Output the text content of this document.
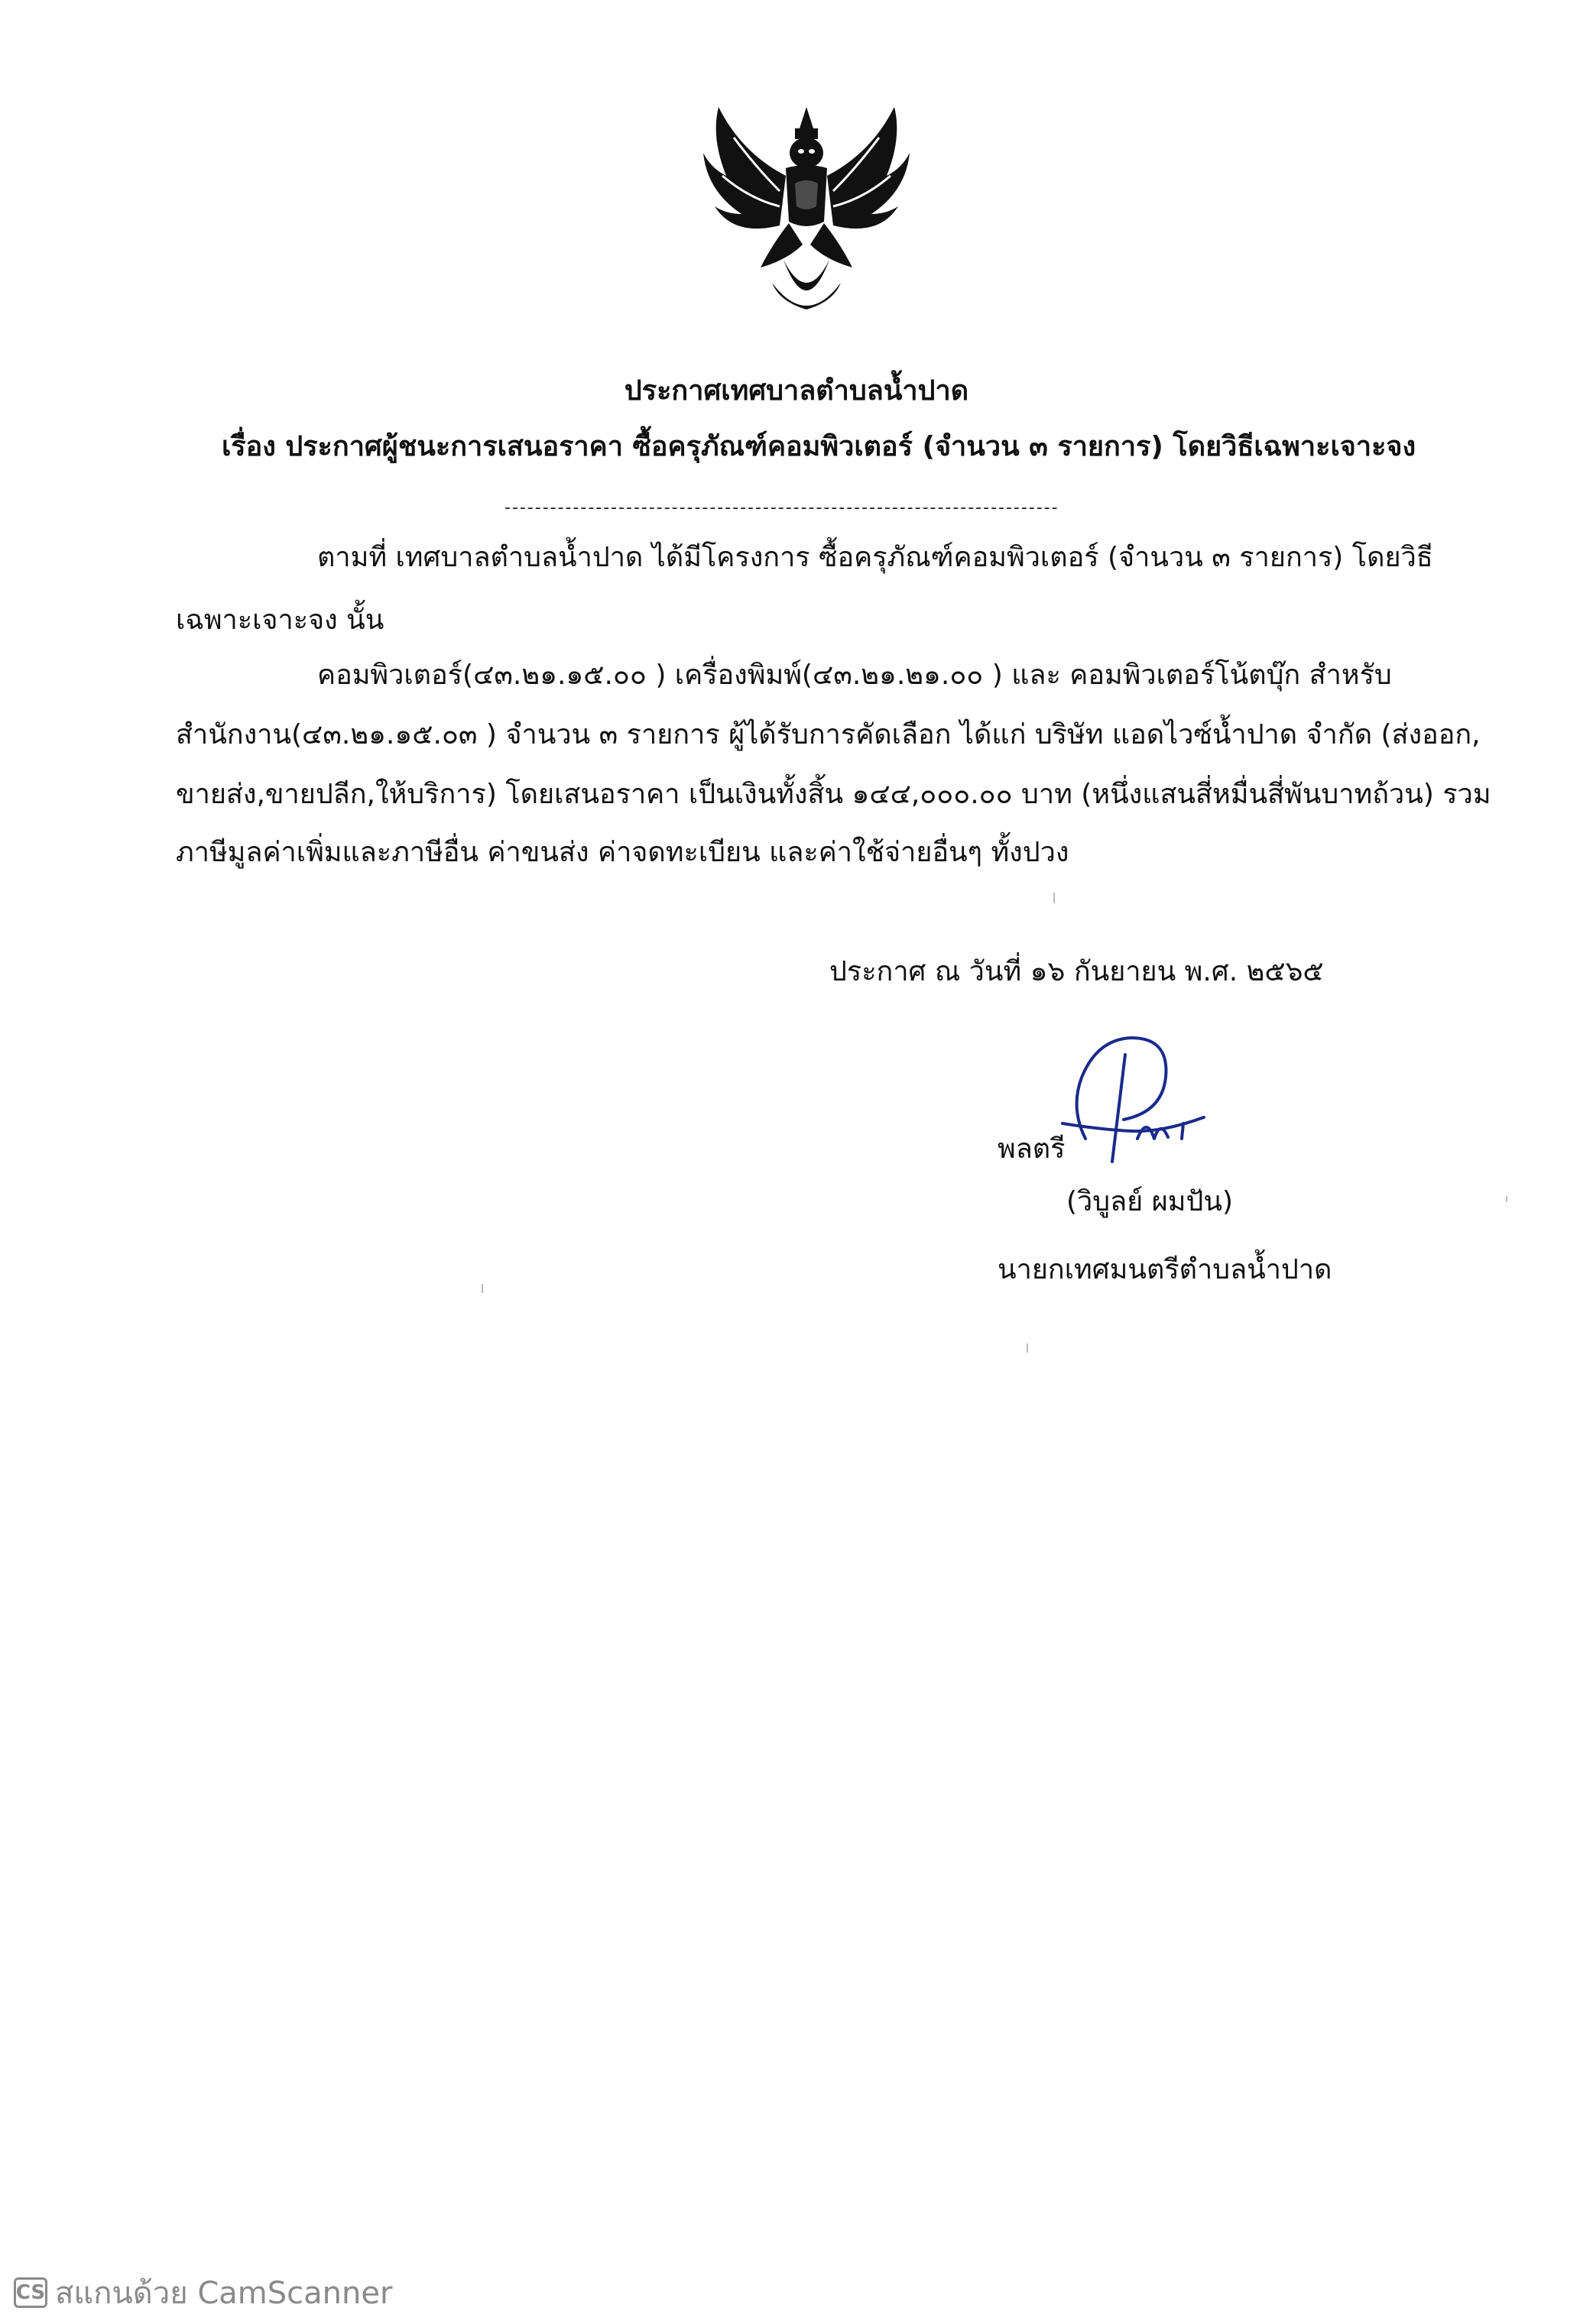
ประกาศเทศบาลตำบลน้ำปาด
เรื่อง ประกาศผู้ชนะการเสนอราคา ซื้อครุภัณฑ์คอมพิวเตอร์ (จำนวน ๓ รายการ) โดยวิธีเฉพาะเจาะจง
-------------------------------------------------------------------------
ตามที่ เทศบาลตำบลน้ำปาด ได้มีโครงการ ซื้อครุภัณฑ์คอมพิวเตอร์ (จำนวน ๓ รายการ) โดยวิธี
เฉพาะเจาะจง นั้น
คอมพิวเตอร์(๔๓.๒๑.๑๕.๐๐ ) เครื่องพิมพ์(๔๓.๒๑.๒๑.๐๐ ) และ คอมพิวเตอร์โน้ตบุ๊ก สำหรับ
สำนักงาน(๔๓.๒๑.๑๕.๐๓ ) จำนวน ๓ รายการ ผู้ได้รับการคัดเลือก ได้แก่ บริษัท แอดไวซ์น้ำปาด จำกัด (ส่งออก,
ขายส่ง,ขายปลีก,ให้บริการ) โดยเสนอราคา เป็นเงินทั้งสิ้น ๑๔๔,๐๐๐.๐๐ บาท (หนึ่งแสนสี่หมื่นสี่พันบาทถ้วน) รวม
ภาษีมูลค่าเพิ่มและภาษีอื่น ค่าขนส่ง ค่าจดทะเบียน และค่าใช้จ่ายอื่นๆ ทั้งปวง
ประกาศ ณ วันที่ ๑๖ กันยายน พ.ศ. ๒๕๖๕
พลตรี
(วิบูลย์ ผมปัน)
นายกเทศมนตรีตำบลน้ำปาด
CS สแกนด้วย CamScanner
